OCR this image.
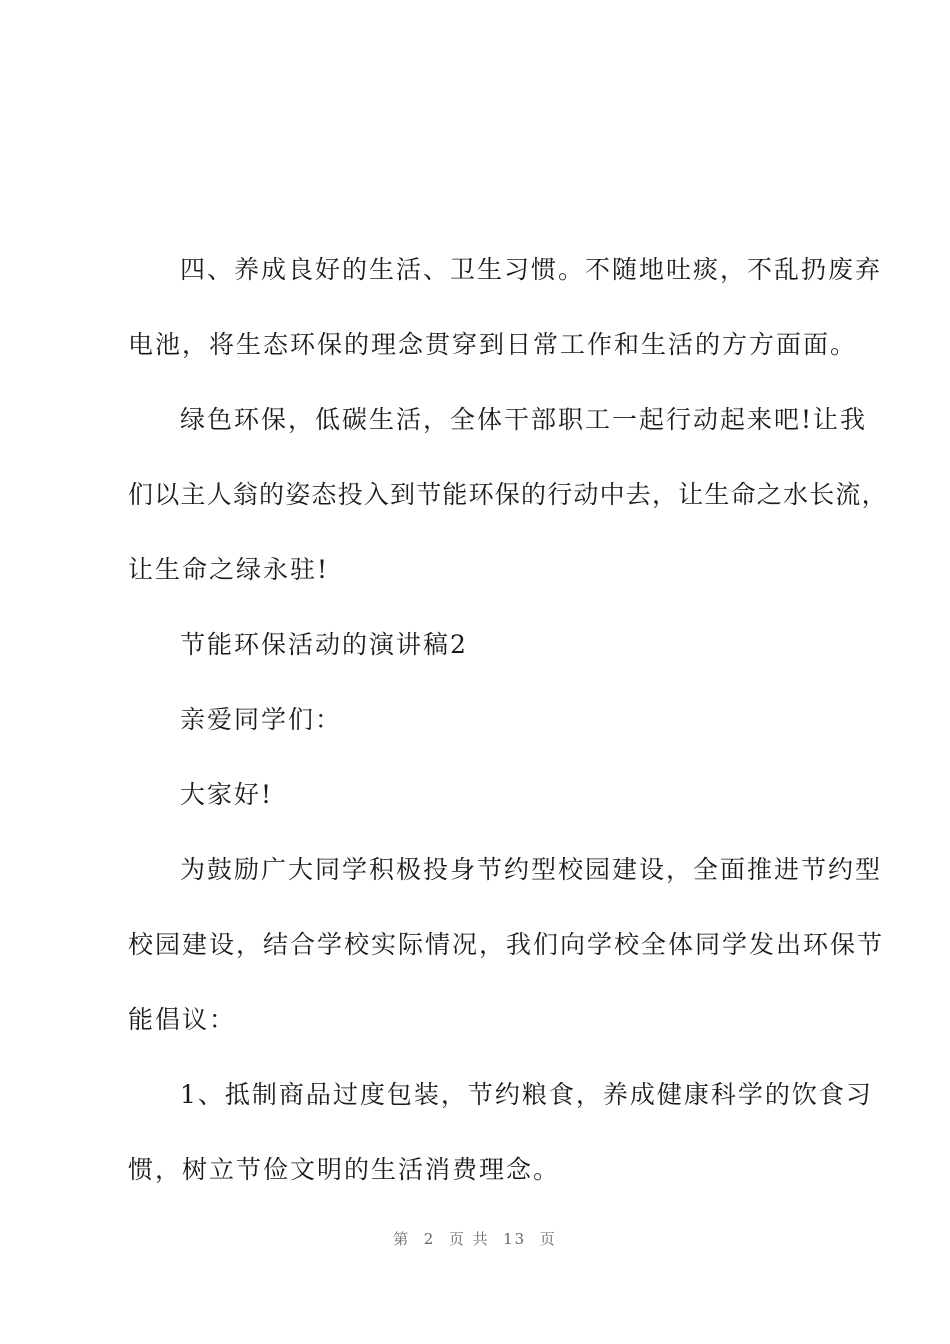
四、养成良好的生活、卫生习惯。不随地吐痰，不乱扔废弃
电池，将生态环保的理念贯穿到日常工作和生活的方方面面。
绿色环保，低碳生活，全体干部职工一起行动起来吧!让我
们以主人翁的姿态投入到节能环保的行动中去，让生命之水长流，
让生命之绿永驻!
节能环保活动的演讲稿2
亲爱同学们：
大家好!
为鼓励广大同学积极投身节约型校园建设，全面推进节约型
校园建设，结合学校实际情况，我们向学校全体同学发出环保节
能倡议：
1、抵制商品过度包装，节约粮食，养成健康科学的饮食习
惯，树立节俭文明的生活消费理念。
第  2  页 共  13  页
